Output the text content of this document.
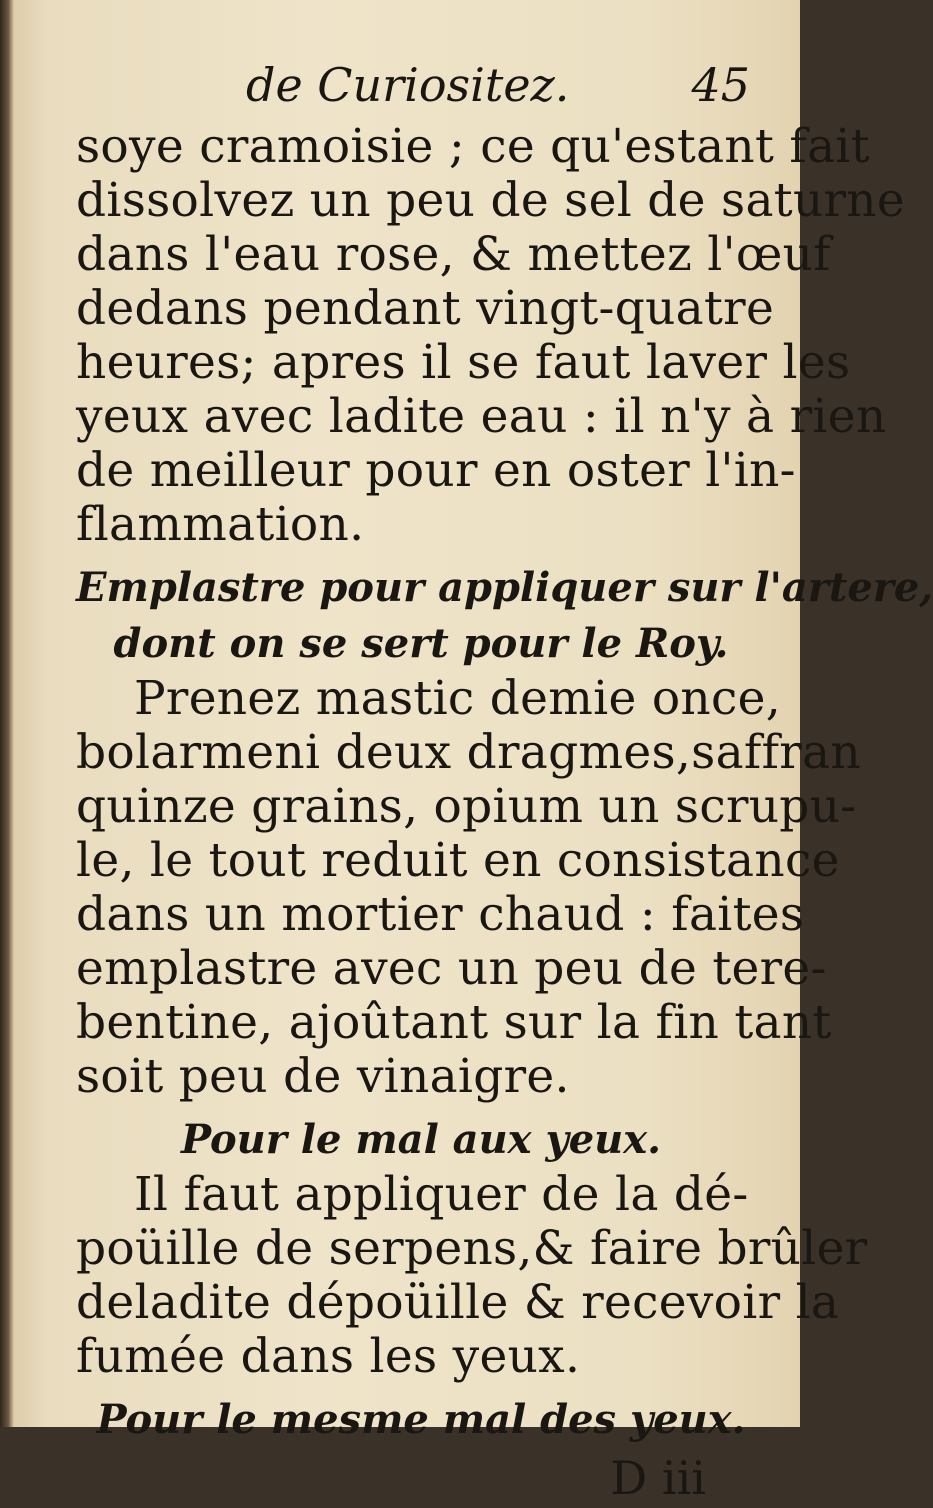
de Curiositez.	45
soye cramoisie ; ce qu'estant fait
dissolvez un peu de sel de saturne
dans l'eau rose, & mettez l'œuf
dedans pendant vingt-quatre
heures; apres il se faut laver les
yeux avec ladite eau : il n'y à rien
de meilleur pour en oster l'in-
flammation.
Emplastre pour appliquer sur l'artere,
dont on se sert pour le Roy.
Prenez mastic demie once,
bolarmeni deux dragmes,saffran
quinze grains, opium un scrupu-
le, le tout reduit en consistance
dans un mortier chaud : faites
emplastre avec un peu de tere-
bentine, ajoûtant sur la fin tant
soit peu de vinaigre.
Pour le mal aux yeux.
Il faut appliquer de la dé-
poüille de serpens,& faire brûler
deladite dépoüille & recevoir la
fumée dans les yeux.
Pour le mesme mal des yeux.
D iii
